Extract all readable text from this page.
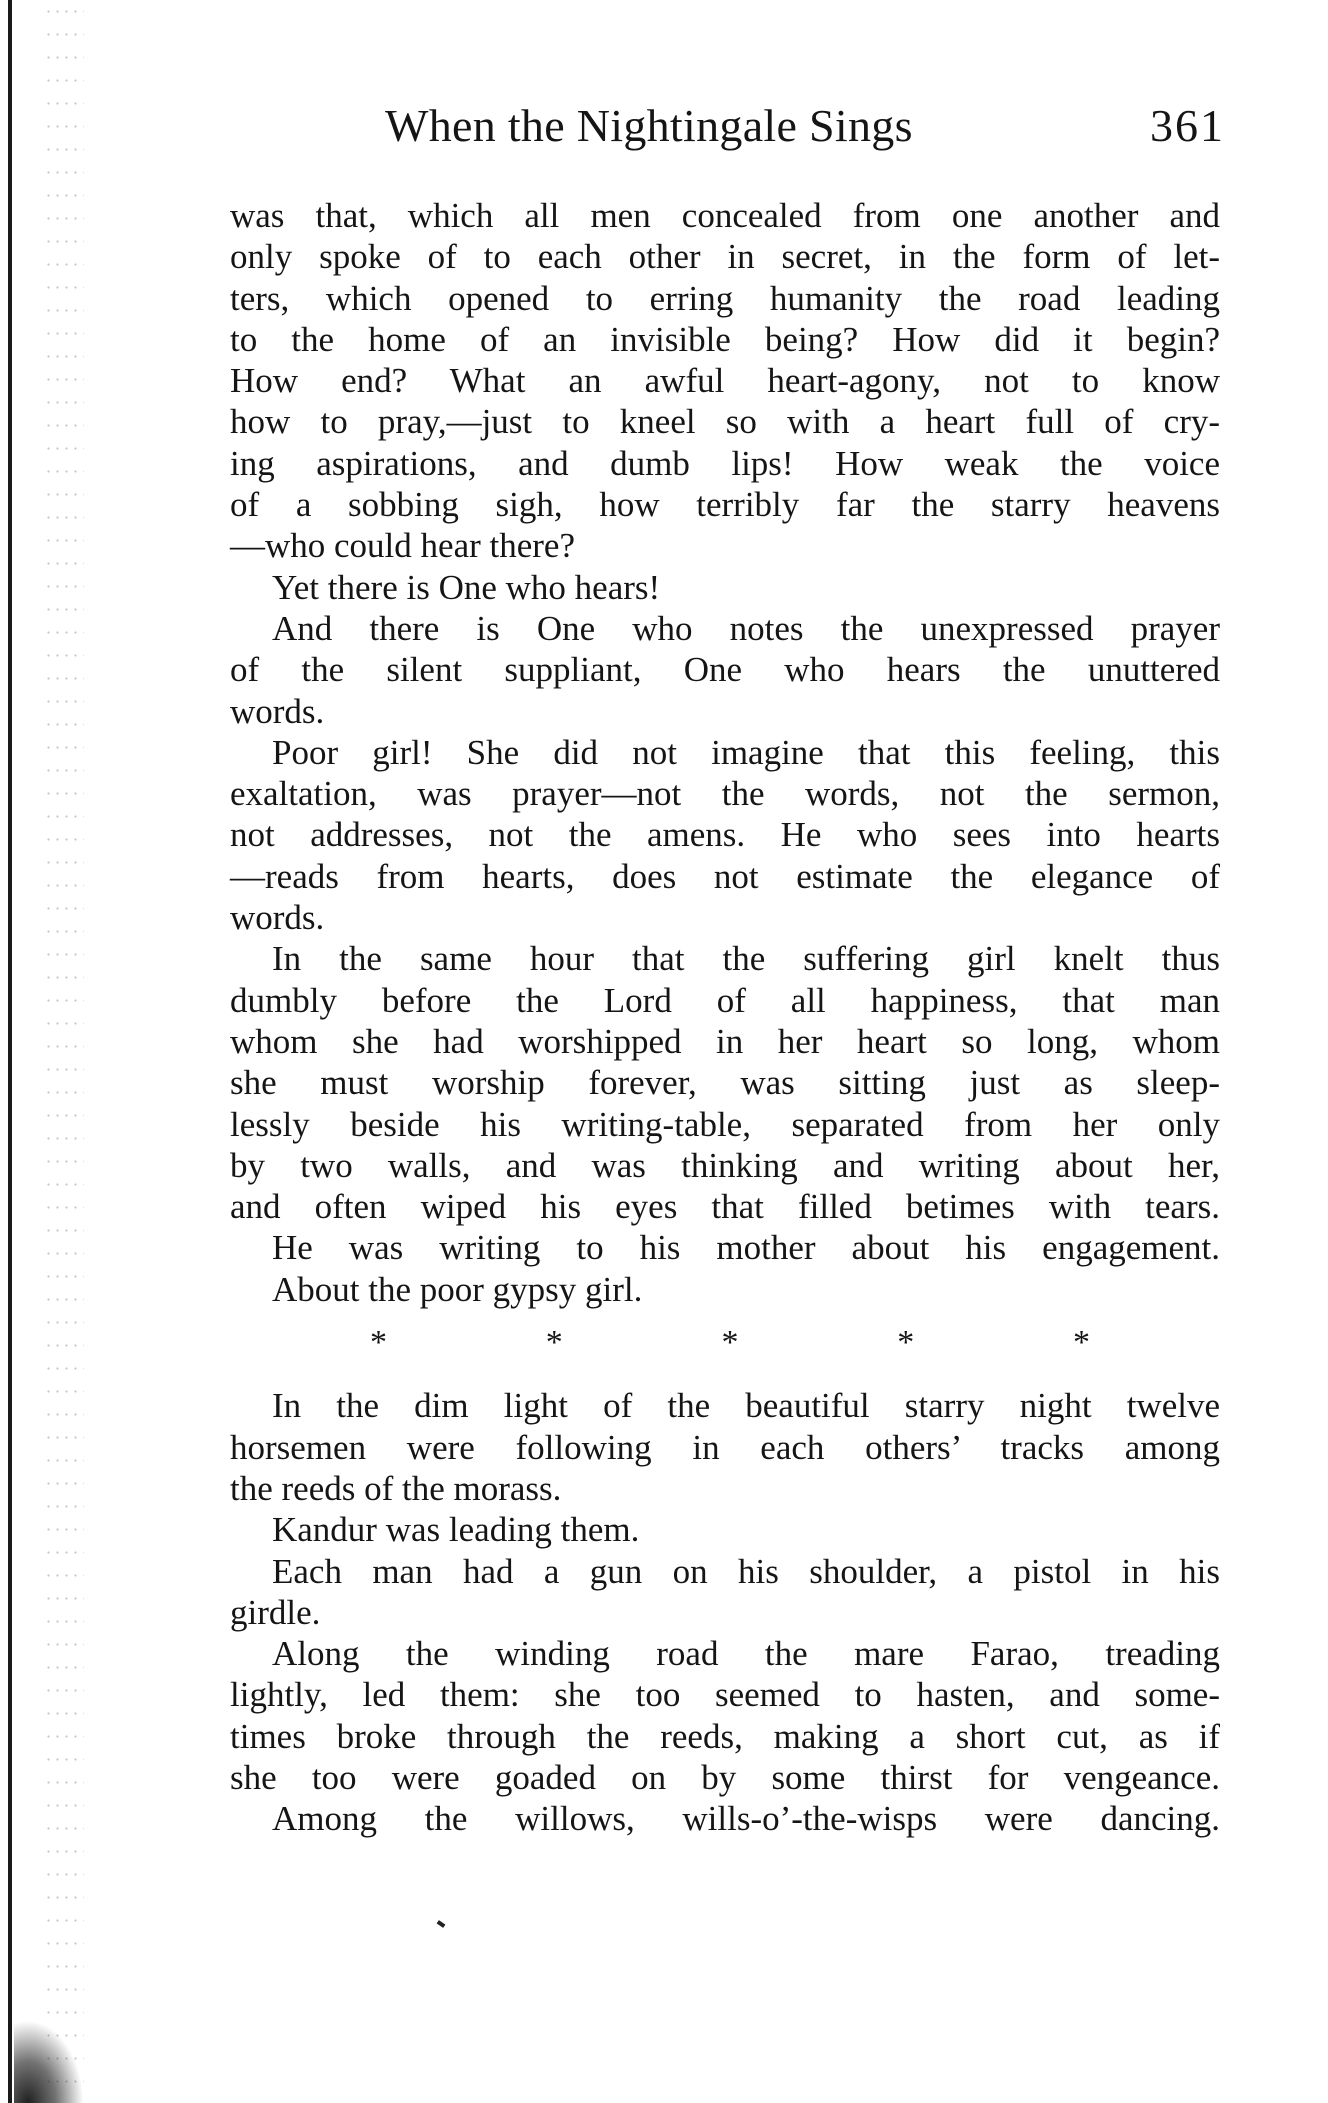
When the Nightingale Sings	361
was that, which all men concealed from one another and
only spoke of to each other in secret, in the form of let-
ters, which opened to erring humanity the road leading
to the home of an invisible being? How did it begin?
How end? What an awful heart-agony, not to know
how to pray,—just to kneel so with a heart full of cry-
ing aspirations, and dumb lips! How weak the voice
of a sobbing sigh, how terribly far the starry heavens
—who could hear there?
Yet there is One who hears!
And there is One who notes the unexpressed prayer
of the silent suppliant, One who hears the unuttered
words.
Poor girl! She did not imagine that this feeling, this
exaltation, was prayer—not the words, not the sermon,
not addresses, not the amens. He who sees into hearts
—reads from hearts, does not estimate the elegance of
words.
In the same hour that the suffering girl knelt thus
dumbly before the Lord of all happiness, that man
whom she had worshipped in her heart so long, whom
she must worship forever, was sitting just as sleep-
lessly beside his writing-table, separated from her only
by two walls, and was thinking and writing about her,
and often wiped his eyes that filled betimes with tears.
He was writing to his mother about his engagement.
About the poor gypsy girl.
*	*	*	*	*
In the dim light of the beautiful starry night twelve
horsemen were following in each others’ tracks among
the reeds of the morass.
Kandur was leading them.
Each man had a gun on his shoulder, a pistol in his
girdle.
Along the winding road the mare Farao, treading
lightly, led them: she too seemed to hasten, and some-
times broke through the reeds, making a short cut, as if
she too were goaded on by some thirst for vengeance.
Among the willows, wills-o’-the-wisps were dancing.
